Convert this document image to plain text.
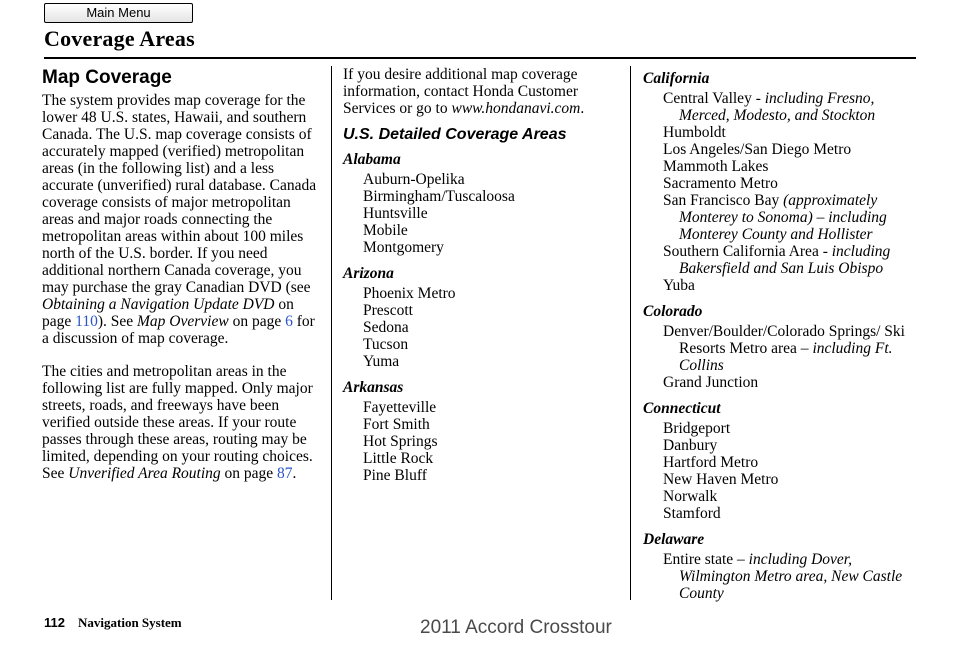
Main Menu
Coverage Areas
Map Coverage
The system provides map coverage for the lower 48 U.S. states, Hawaii, and southern Canada. The U.S. map coverage consists of accurately mapped (verified) metropolitan areas (in the following list) and a less accurate (unverified) rural database. Canada coverage consists of major metropolitan areas and major roads connecting the metropolitan areas within about 100 miles north of the U.S. border. If you need additional northern Canada coverage, you may purchase the gray Canadian DVD (see Obtaining a Navigation Update DVD on page 110). See Map Overview on page 6 for a discussion of map coverage.
The cities and metropolitan areas in the following list are fully mapped. Only major streets, roads, and freeways have been verified outside these areas. If your route passes through these areas, routing may be limited, depending on your routing choices. See Unverified Area Routing on page 87.
If you desire additional map coverage information, contact Honda Customer Services or go to www.hondanavi.com.
U.S. Detailed Coverage Areas
Alabama
Auburn-Opelika
Birmingham/Tuscaloosa
Huntsville
Mobile
Montgomery
Arizona
Phoenix Metro
Prescott
Sedona
Tucson
Yuma
Arkansas
Fayetteville
Fort Smith
Hot Springs
Little Rock
Pine Bluff
California
Central Valley - including Fresno, Merced, Modesto, and Stockton
Humboldt
Los Angeles/San Diego Metro
Mammoth Lakes
Sacramento Metro
San Francisco Bay (approximately Monterey to Sonoma) – including Monterey County and Hollister
Southern California Area - including Bakersfield and San Luis Obispo
Yuba
Colorado
Denver/Boulder/Colorado Springs/ Ski Resorts Metro area – including Ft. Collins
Grand Junction
Connecticut
Bridgeport
Danbury
Hartford Metro
New Haven Metro
Norwalk
Stamford
Delaware
Entire state – including Dover, Wilmington Metro area, New Castle County
112 Navigation System	2011 Accord Crosstour
